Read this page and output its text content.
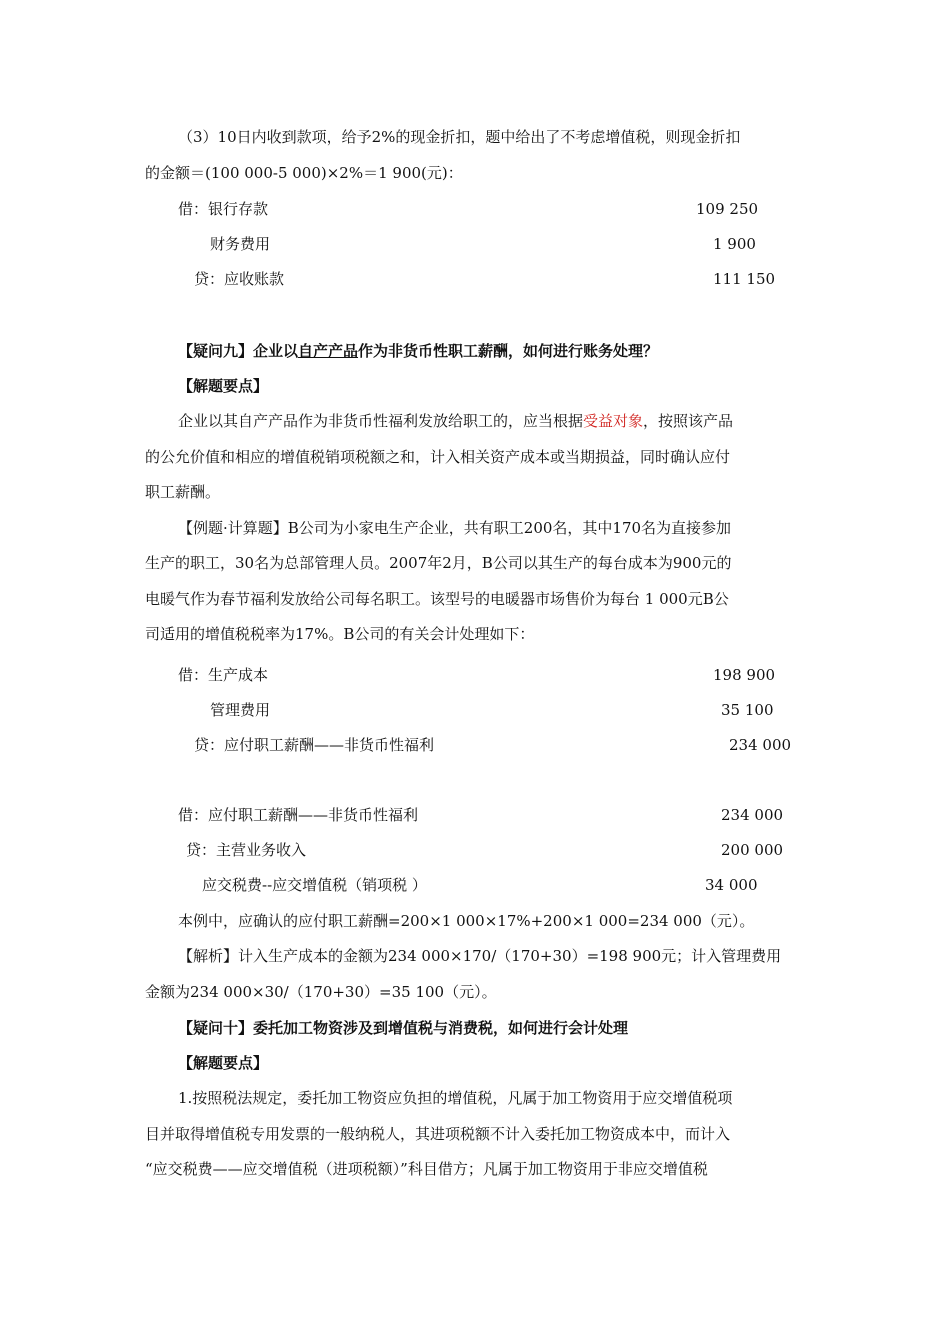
（3）10日内收到款项，给予2%的现金折扣，题中给出了不考虑增值税，则现金折扣
的金额＝(100 000-5 000)×2%＝1 900(元)：
借：银行存款	109 250
财务费用	1 900
贷：应收账款	111 150
【疑问九】企业以自产产品作为非货币性职工薪酬，如何进行账务处理？
【解题要点】
企业以其自产产品作为非货币性福利发放给职工的，应当根据受益对象，按照该产品
的公允价值和相应的增值税销项税额之和，计入相关资产成本或当期损益，同时确认应付
职工薪酬。
【例题·计算题】B公司为小家电生产企业，共有职工200名，其中170名为直接参加
生产的职工，30名为总部管理人员。2007年2月，B公司以其生产的每台成本为900元的
电暖气作为春节福利发放给公司每名职工。该型号的电暖器市场售价为每台 1 000元B公
司适用的增值税税率为17%。B公司的有关会计处理如下：
借：生产成本	198 900
管理费用	35 100
贷：应付职工薪酬——非货币性福利	234 000
借：应付职工薪酬——非货币性福利	234 000
贷：主营业务收入	200 000
应交税费--应交增值税（销项税 ）	34 000
本例中，应确认的应付职工薪酬=200×1 000×17%+200×1 000=234 000（元）。
【解析】计入生产成本的金额为234 000×170/（170+30）=198 900元；计入管理费用
金额为234 000×30/（170+30）=35 100（元）。
【疑问十】委托加工物资涉及到增值税与消费税，如何进行会计处理
【解题要点】
1.按照税法规定，委托加工物资应负担的增值税，凡属于加工物资用于应交增值税项
目并取得增值税专用发票的一般纳税人，其进项税额不计入委托加工物资成本中，而计入
“应交税费——应交增值税（进项税额）”科目借方；凡属于加工物资用于非应交增值税
